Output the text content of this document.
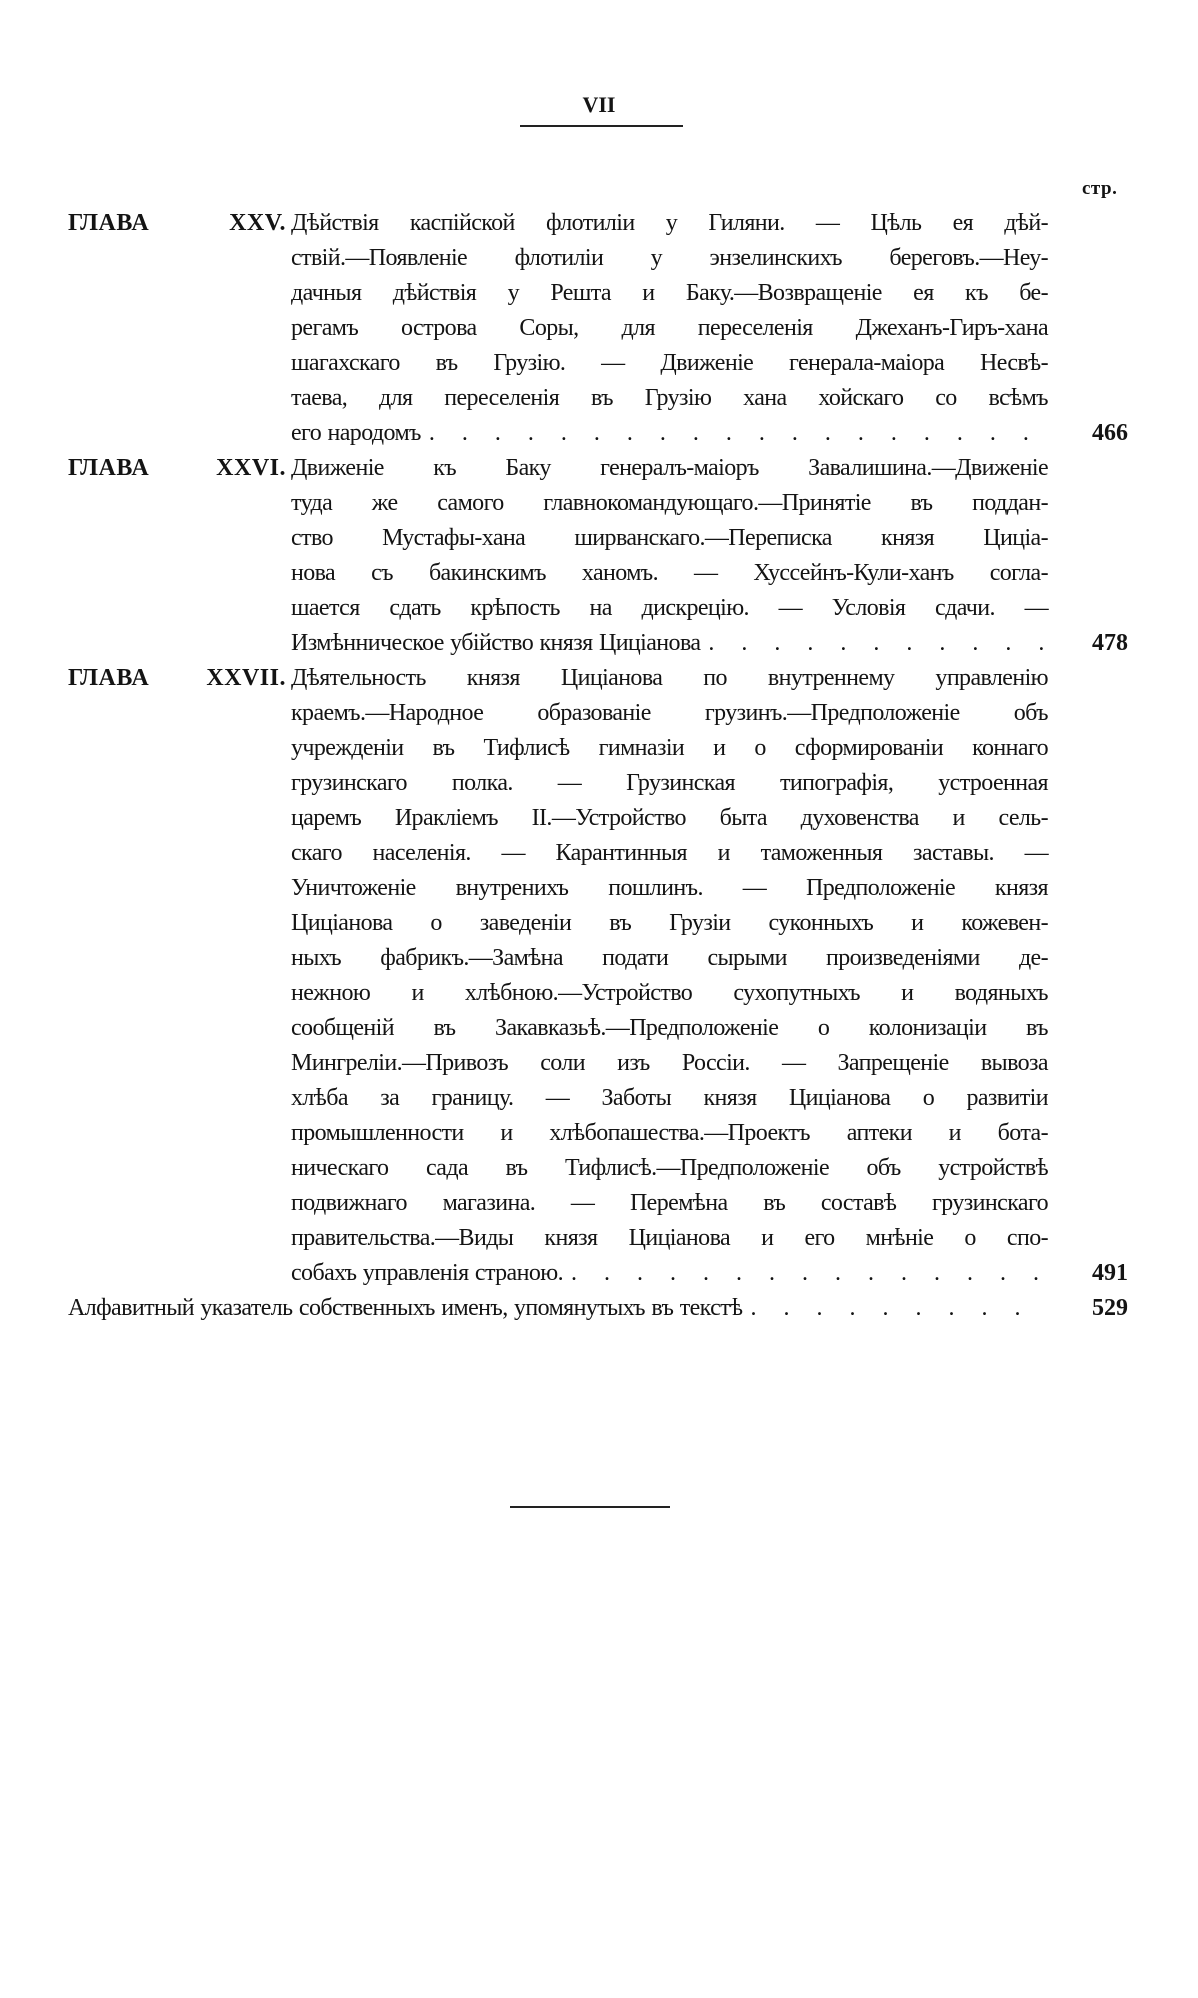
VII
стр.
ГЛАВА	XXV. Дѣйствія каспійской флотиліи у Гиляни. — Цѣль ея дѣй-
ствій.—Появленіе флотиліи у энзелинскихъ береговъ.—Неу-
дачныя дѣйствія у Решта и Баку.—Возвращеніе ея къ бе-
регамъ острова Соры, для переселенія Джеханъ-Гиръ-хана
шагахскаго въ Грузію. — Движеніе генерала-маіора Несвѣ-
таева, для переселенія въ Грузію хана хойскаго со всѣмъ
его народомъ . . .	466
ГЛАВА	XXVI. Движеніе къ Баку генералъ-маіоръ Завалишина.—Движеніе
туда же самого главнокомандующаго.—Принятіе въ поддан-
ство Мустафы-хана ширванскаго.—Переписка князя Циціа-
нова съ бакинскимъ ханомъ. — Хуссейнъ-Кули-ханъ согла-
шается сдать крѣпость на дискрецію. — Условія сдачи. —
Измѣнническое убійство князя Циціанова . . .	478
ГЛАВА XXVII. Дѣятельность князя Циціанова по внутреннему управленію
краемъ.—Народное образованіе грузинъ.—Предположеніе объ
учрежденіи въ Тифлисѣ гимназіи и о сформированіи коннаго
грузинскаго полка. — Грузинская типографія, устроенная
царемъ Ираклiемъ II.—Устройство быта духовенства и сель-
скаго населенія. — Карантинныя и таможенныя заставы. —
Уничтоженіе внутренихъ пошлинъ. — Предположеніе князя
Циціанова о заведеніи въ Грузіи суконныхъ и кожевен-
ныхъ фабрикъ.—Замѣна подати сырыми произведеніями де-
нежною и хлѣбною.—Устройство сухопутныхъ и водяныхъ
сообщеній въ Закавказьѣ.—Предположеніе о колонизаціи въ
Мингреліи.—Привозъ соли изъ Россіи. — Запрещеніе вывоза
хлѣба за границу. — Заботы князя Циціанова о развитіи
промышленности и хлѣбопашества.—Проектъ аптеки и бота-
ническаго сада въ Тифлисѣ.—Предположеніе объ устройствѣ
подвижнаго магазина. — Перемѣна въ составѣ грузинскаго
правительства.—Виды князя Циціанова и его мнѣніе о спо-
собахъ управленія страною. . . .	491
Алфавитный указатель собственныхъ именъ, упомянутыхъ въ текстѣ . . .	529
